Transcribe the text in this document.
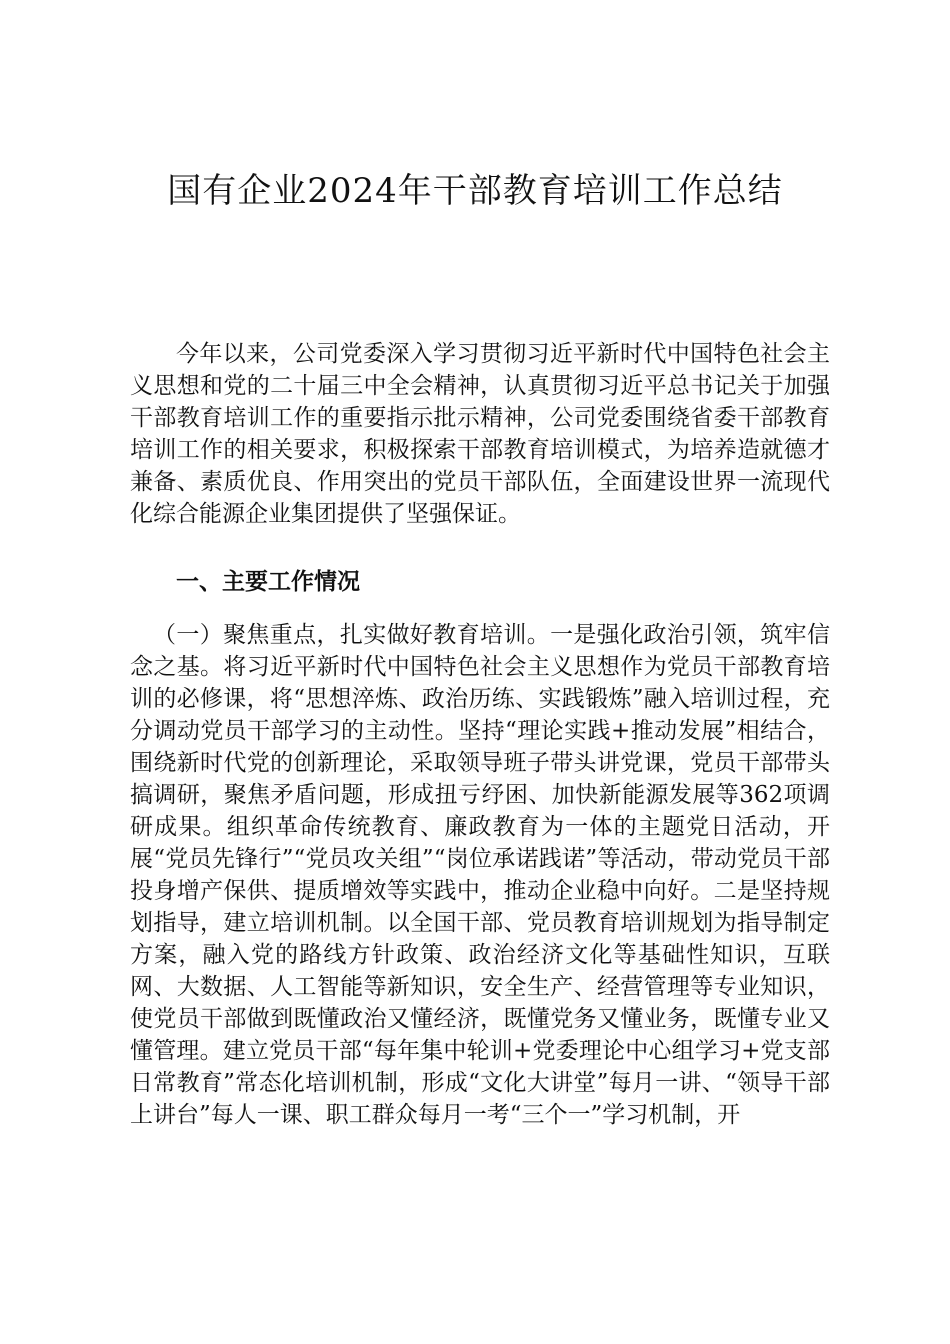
国有企业2024年干部教育培训工作总结

今年以来，公司党委深入学习贯彻习近平新时代中国特色社会主义思想和党的二十届三中全会精神，认真贯彻习近平总书记关于加强干部教育培训工作的重要指示批示精神，公司党委围绕省委干部教育培训工作的相关要求，积极探索干部教育培训模式，为培养造就德才兼备、素质优良、作用突出的党员干部队伍，全面建设世界一流现代化综合能源企业集团提供了坚强保证。

一、主要工作情况

（一）聚焦重点，扎实做好教育培训。一是强化政治引领，筑牢信念之基。将习近平新时代中国特色社会主义思想作为党员干部教育培训的必修课，将“思想淬炼、政治历练、实践锻炼”融入培训过程，充分调动党员干部学习的主动性。坚持“理论实践+推动发展”相结合，围绕新时代党的创新理论，采取领导班子带头讲党课，党员干部带头搞调研，聚焦矛盾问题，形成扭亏纾困、加快新能源发展等362项调研成果。组织革命传统教育、廉政教育为一体的主题党日活动，开展“党员先锋行”“党员攻关组”“岗位承诺践诺”等活动，带动党员干部投身增产保供、提质增效等实践中，推动企业稳中向好。二是坚持规划指导，建立培训机制。以全国干部、党员教育培训规划为指导制定方案，融入党的路线方针政策、政治经济文化等基础性知识，互联网、大数据、人工智能等新知识，安全生产、经营管理等专业知识，使党员干部做到既懂政治又懂经济，既懂党务又懂业务，既懂专业又懂管理。建立党员干部“每年集中轮训+党委理论中心组学习+党支部日常教育”常态化培训机制，形成“文化大讲堂”每月一讲、“领导干部上讲台”每人一课、职工群众每月一考“三个一”学习机制，开
